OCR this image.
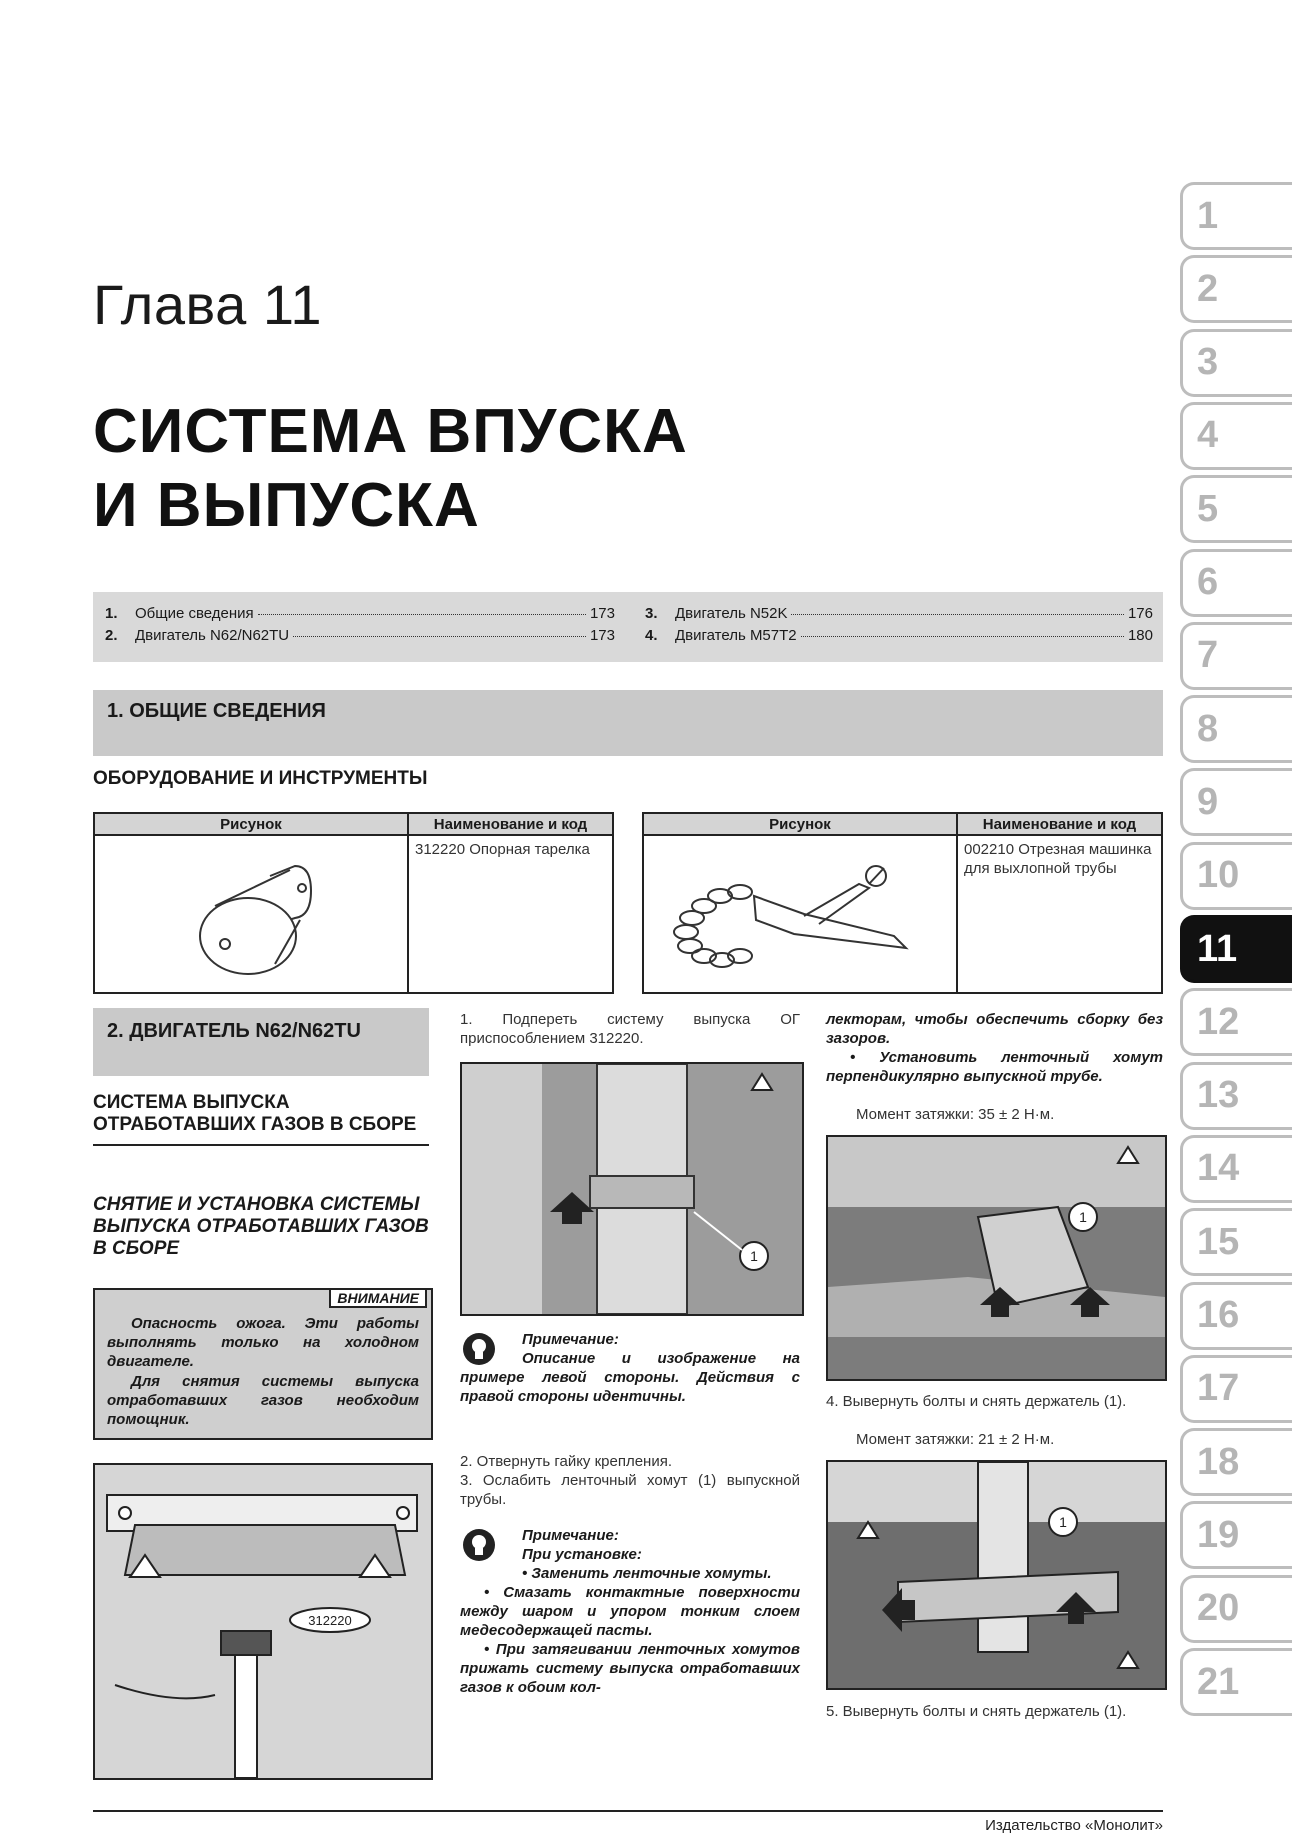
Глава 11
СИСТЕМА ВПУСКА
И ВЫПУСКА
1.	Общие сведения	173
2.	Двигатель N62/N62TU	173
3.	Двигатель N52K	176
4.	Двигатель M57T2	180
1. ОБЩИЕ СВЕДЕНИЯ
ОБОРУДОВАНИЕ И ИНСТРУМЕНТЫ
Рисунок	Наименование и код
	312220 Опорная тарелка
Рисунок	Наименование и код
	002210 Отрезная машинка для выхлопной трубы
2. ДВИГАТЕЛЬ N62/N62TU
СИСТЕМА ВЫПУСКА ОТРАБОТАВШИХ ГАЗОВ В СБОРЕ
СНЯТИЕ И УСТАНОВКА СИСТЕМЫ ВЫПУСКА ОТРАБОТАВШИХ ГАЗОВ В СБОРЕ
ВНИМАНИЕ
Опасность ожога. Эти работы выполнять только на холодном двигателе.
Для снятия системы выпуска отработавших газов необходим помощник.
312220
1. Подпереть систему выпуска ОГ приспособлением 312220.
1
Примечание:
Описание и изображение на примере левой стороны. Действия с правой стороны идентичны.
2. Отвернуть гайку крепления.
3. Ослабить ленточный хомут (1) выпускной трубы.
Примечание:
При установке:
• Заменить ленточные хомуты.
• Смазать контактные поверхности между шаром и упором тонким слоем медесодержащей пасты.
• При затягивании ленточных хомутов прижать систему выпуска отработавших газов к обоим кол-
лекторам, чтобы обеспечить сборку без зазоров.
• Установить ленточный хомут перпендикулярно выпускной трубе.
Момент затяжки: 35 ± 2 Н·м.
1
4. Вывернуть болты и снять держатель (1).
Момент затяжки: 21 ± 2 Н·м.
1
5. Вывернуть болты и снять держатель (1).
1
2
3
4
5
6
7
8
9
10
11
12
13
14
15
16
17
18
19
20
21
Издательство «Монолит»
